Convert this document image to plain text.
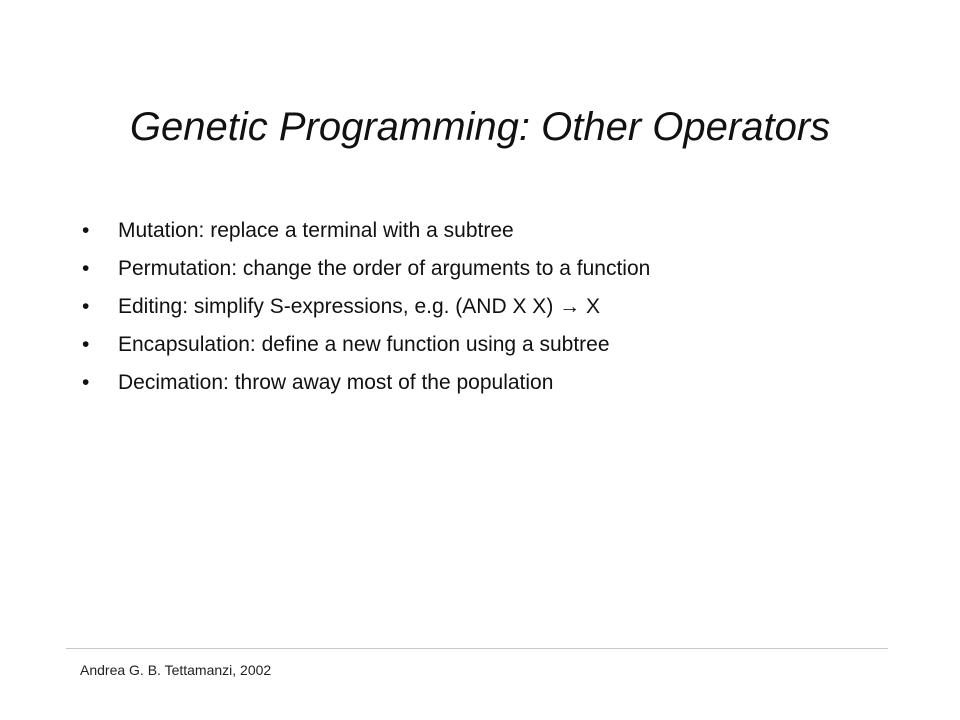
Genetic Programming: Other Operators
•	Mutation: replace a terminal with a subtree
•	Permutation: change the order of arguments to a function
•	Editing: simplify S-expressions, e.g. (AND X X) → X
•	Encapsulation: define a new function using a subtree
•	Decimation: throw away most of the population
Andrea G. B. Tettamanzi, 2002
